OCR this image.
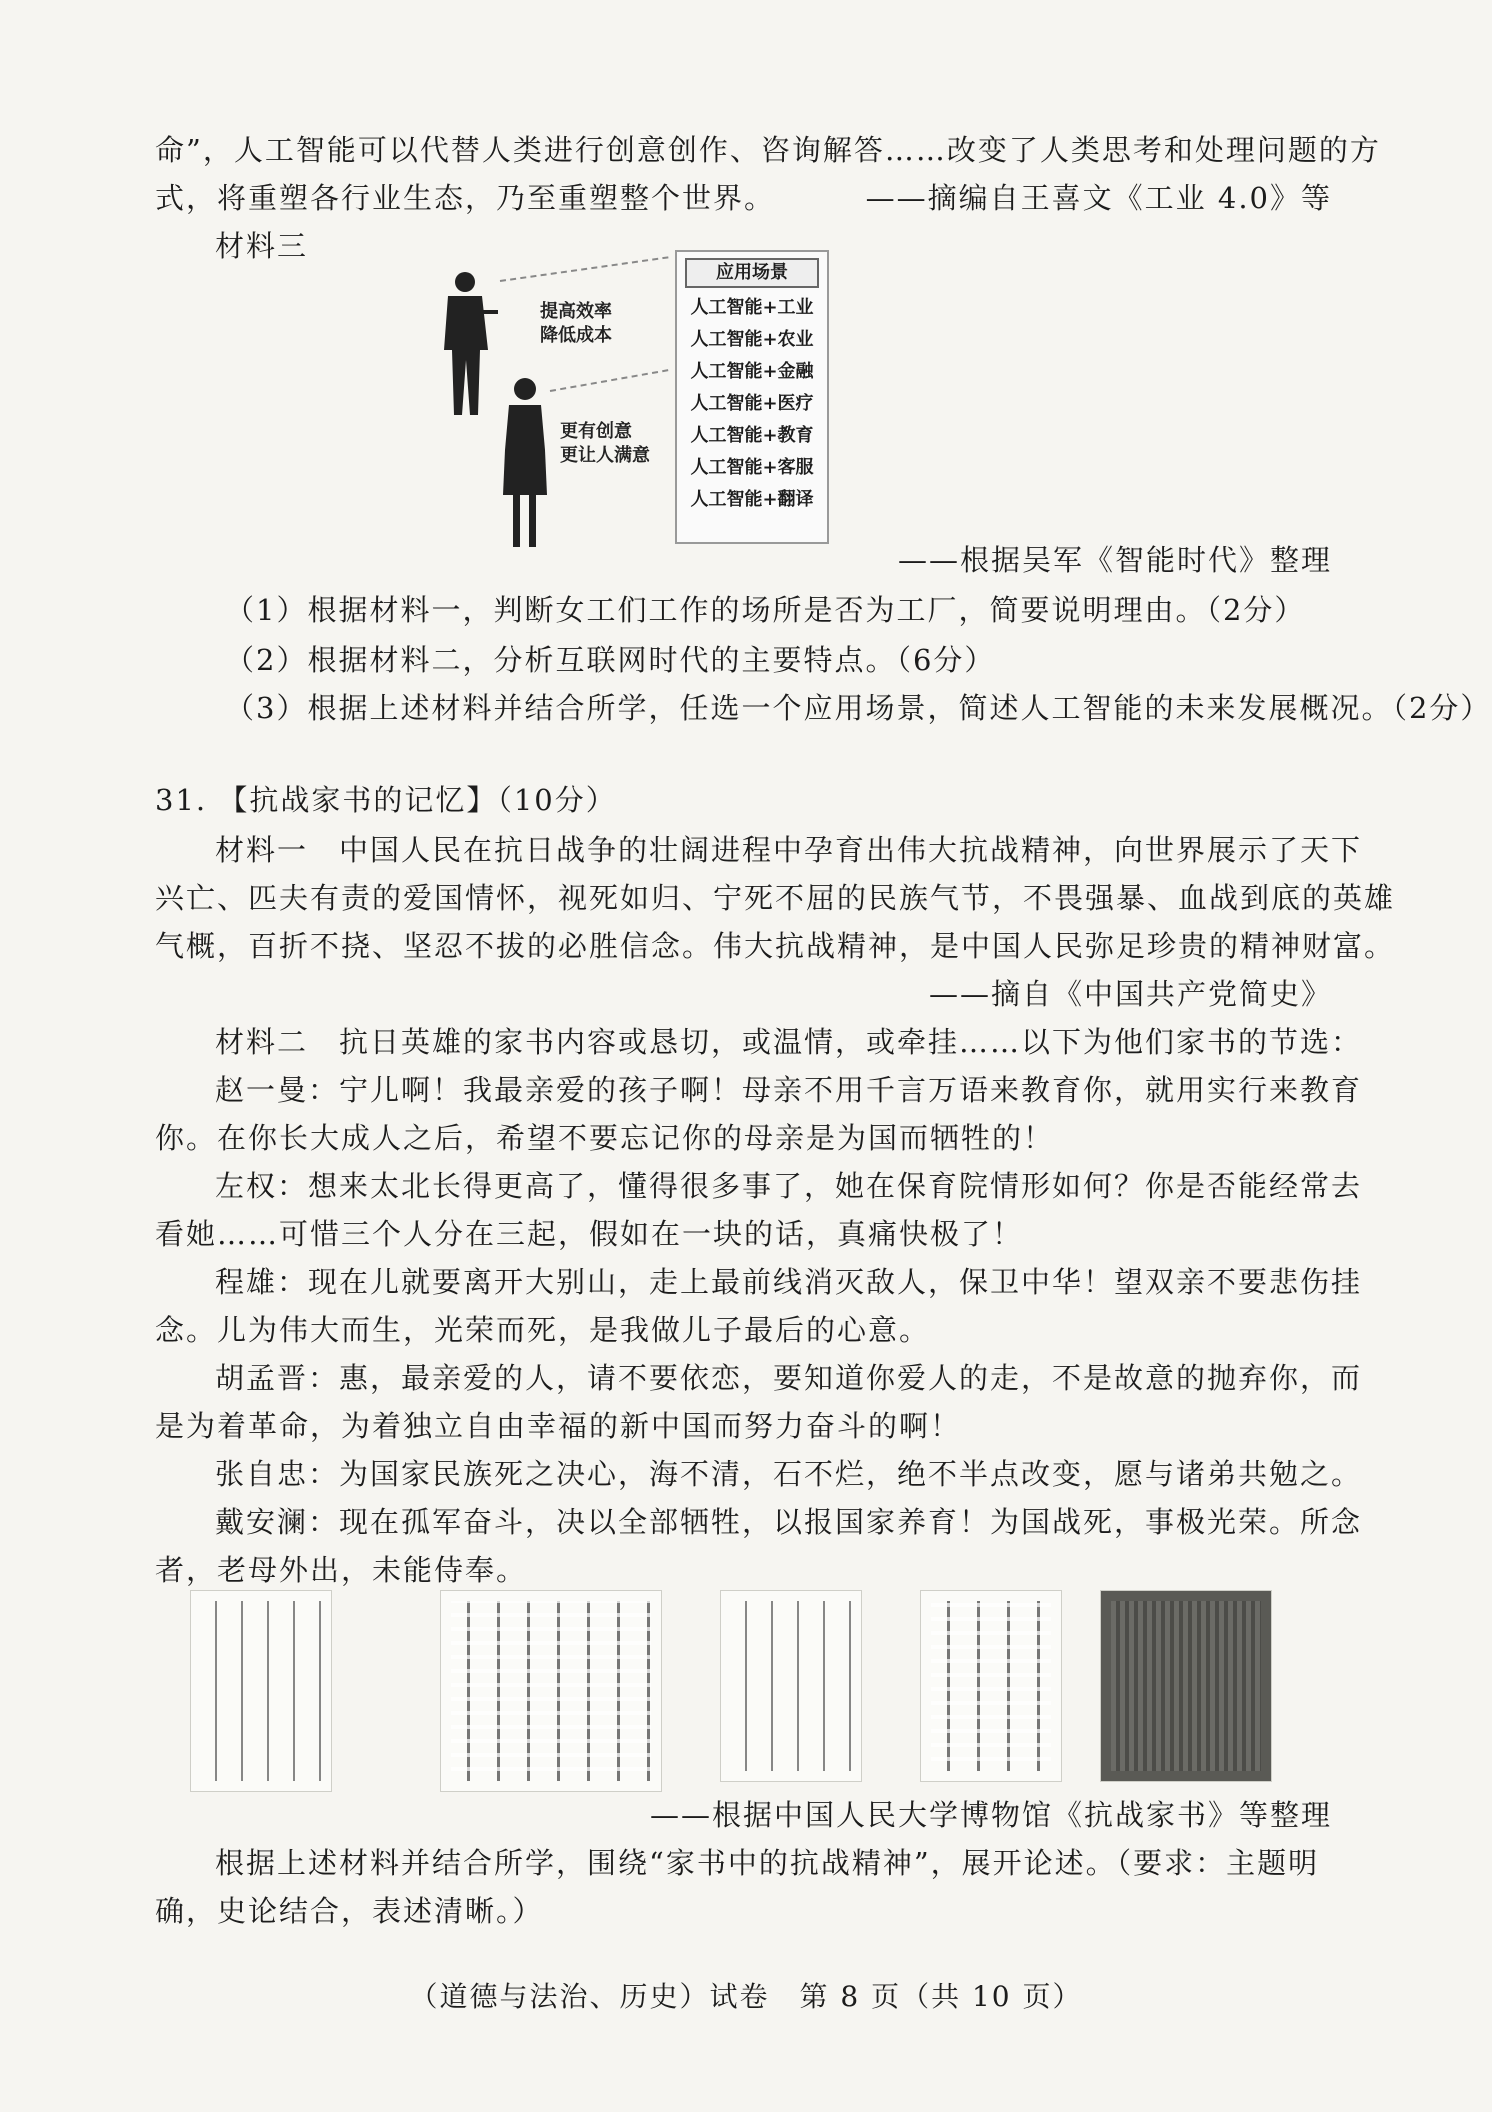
命”，人工智能可以代替人类进行创意创作、咨询解答……改变了人类思考和处理问题的方
式，将重塑各行业生态，乃至重塑整个世界。	——摘编自王喜文《工业 4.0》等
材料三
提高效率
降低成本
更有创意
更让人满意
应用场景
人工智能+工业
人工智能+农业
人工智能+金融
人工智能+医疗
人工智能+教育
人工智能+客服
人工智能+翻译
——根据吴军《智能时代》整理
（1）根据材料一，判断女工们工作的场所是否为工厂，简要说明理由。（2分）
（2）根据材料二，分析互联网时代的主要特点。（6分）
（3）根据上述材料并结合所学，任选一个应用场景，简述人工智能的未来发展概况。（2分）
31. 【抗战家书的记忆】（10分）
材料一　中国人民在抗日战争的壮阔进程中孕育出伟大抗战精神，向世界展示了天下
兴亡、匹夫有责的爱国情怀，视死如归、宁死不屈的民族气节，不畏强暴、血战到底的英雄
气概，百折不挠、坚忍不拔的必胜信念。伟大抗战精神，是中国人民弥足珍贵的精神财富。
——摘自《中国共产党简史》
材料二　抗日英雄的家书内容或恳切，或温情，或牵挂……以下为他们家书的节选：
赵一曼：宁儿啊！我最亲爱的孩子啊！母亲不用千言万语来教育你，就用实行来教育
你。在你长大成人之后，希望不要忘记你的母亲是为国而牺牲的！
左权：想来太北长得更高了，懂得很多事了，她在保育院情形如何？你是否能经常去
看她……可惜三个人分在三起，假如在一块的话，真痛快极了！
程雄：现在儿就要离开大别山，走上最前线消灭敌人，保卫中华！望双亲不要悲伤挂
念。儿为伟大而生，光荣而死，是我做儿子最后的心意。
胡孟晋：惠，最亲爱的人，请不要依恋，要知道你爱人的走，不是故意的抛弃你，而
是为着革命，为着独立自由幸福的新中国而努力奋斗的啊！
张自忠：为国家民族死之决心，海不清，石不烂，绝不半点改变，愿与诸弟共勉之。
戴安澜：现在孤军奋斗，决以全部牺牲，以报国家养育！为国战死，事极光荣。所念
者，老母外出，未能侍奉。
——根据中国人民大学博物馆《抗战家书》等整理
根据上述材料并结合所学，围绕“家书中的抗战精神”，展开论述。（要求：主题明
确，史论结合，表述清晰。）
（道德与法治、历史）试卷　第 8 页（共 10 页）
